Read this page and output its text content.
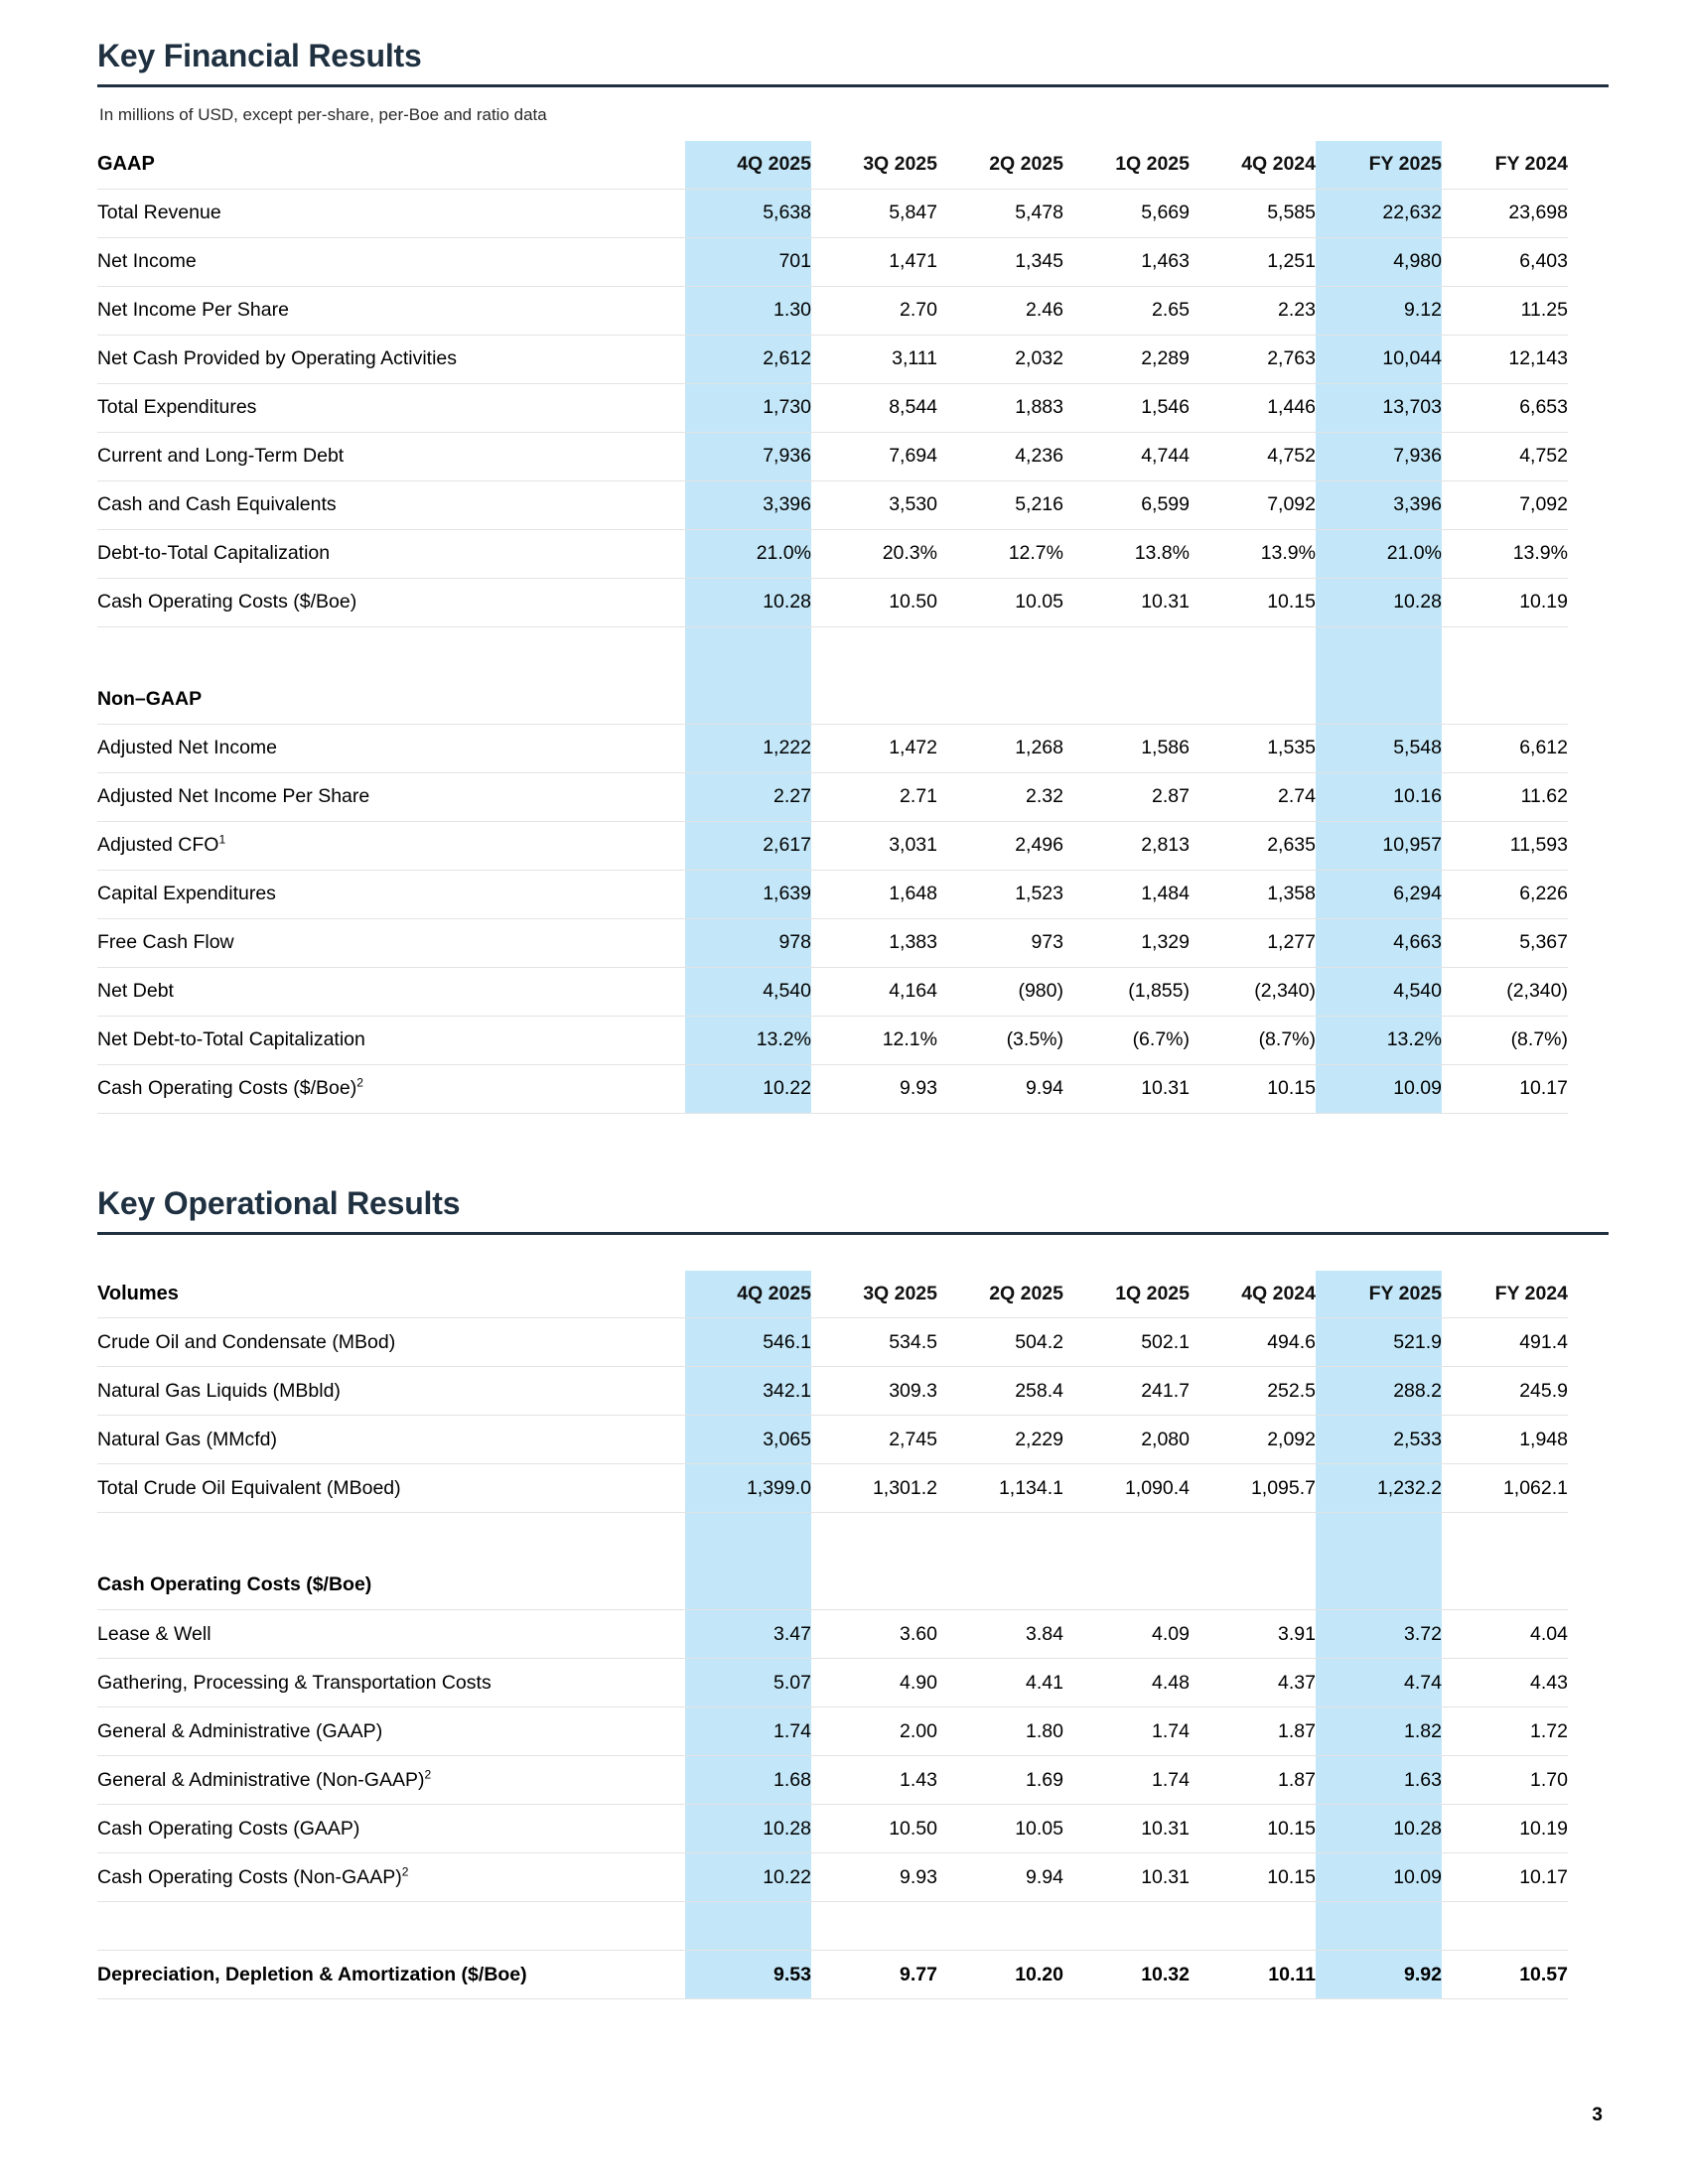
Key Financial Results
In millions of USD, except per-share, per-Boe and ratio data
GAAP	4Q 2025	3Q 2025	2Q 2025	1Q 2025	4Q 2024	FY 2025	FY 2024
Total Revenue	5,638	5,847	5,478	5,669	5,585	22,632	23,698
Net Income	701	1,471	1,345	1,463	1,251	4,980	6,403
Net Income Per Share	1.30	2.70	2.46	2.65	2.23	9.12	11.25
Net Cash Provided by Operating Activities	2,612	3,111	2,032	2,289	2,763	10,044	12,143
Total Expenditures	1,730	8,544	1,883	1,546	1,446	13,703	6,653
Current and Long-Term Debt	7,936	7,694	4,236	4,744	4,752	7,936	4,752
Cash and Cash Equivalents	3,396	3,530	5,216	6,599	7,092	3,396	7,092
Debt-to-Total Capitalization	21.0%	20.3%	12.7%	13.8%	13.9%	21.0%	13.9%
Cash Operating Costs ($/Boe)	10.28	10.50	10.05	10.31	10.15	10.28	10.19

Non–GAAP							
Adjusted Net Income	1,222	1,472	1,268	1,586	1,535	5,548	6,612
Adjusted Net Income Per Share	2.27	2.71	2.32	2.87	2.74	10.16	11.62
Adjusted CFO$^1$	2,617	3,031	2,496	2,813	2,635	10,957	11,593
Capital Expenditures	1,639	1,648	1,523	1,484	1,358	6,294	6,226
Free Cash Flow	978	1,383	973	1,329	1,277	4,663	5,367
Net Debt	4,540	4,164	(980)	(1,855)	(2,340)	4,540	(2,340)
Net Debt-to-Total Capitalization	13.2%	12.1%	(3.5%)	(6.7%)	(8.7%)	13.2%	(8.7%)
Cash Operating Costs ($/Boe)$^2$	10.22	9.93	9.94	10.31	10.15	10.09	10.17
Key Operational Results
Volumes	4Q 2025	3Q 2025	2Q 2025	1Q 2025	4Q 2024	FY 2025	FY 2024
Crude Oil and Condensate (MBod)	546.1	534.5	504.2	502.1	494.6	521.9	491.4
Natural Gas Liquids (MBbld)	342.1	309.3	258.4	241.7	252.5	288.2	245.9
Natural Gas (MMcfd)	3,065	2,745	2,229	2,080	2,092	2,533	1,948
Total Crude Oil Equivalent (MBoed)	1,399.0	1,301.2	1,134.1	1,090.4	1,095.7	1,232.2	1,062.1

Cash Operating Costs ($/Boe)							
Lease & Well	3.47	3.60	3.84	4.09	3.91	3.72	4.04
Gathering, Processing & Transportation Costs	5.07	4.90	4.41	4.48	4.37	4.74	4.43
General & Administrative (GAAP)	1.74	2.00	1.80	1.74	1.87	1.82	1.72
General & Administrative (Non-GAAP)$^2$	1.68	1.43	1.69	1.74	1.87	1.63	1.70
Cash Operating Costs (GAAP)	10.28	10.50	10.05	10.31	10.15	10.28	10.19
Cash Operating Costs (Non-GAAP)$^2$	10.22	9.93	9.94	10.31	10.15	10.09	10.17

Depreciation, Depletion & Amortization ($/Boe)	9.53	9.77	10.20	10.32	10.11	9.92	10.57
3
